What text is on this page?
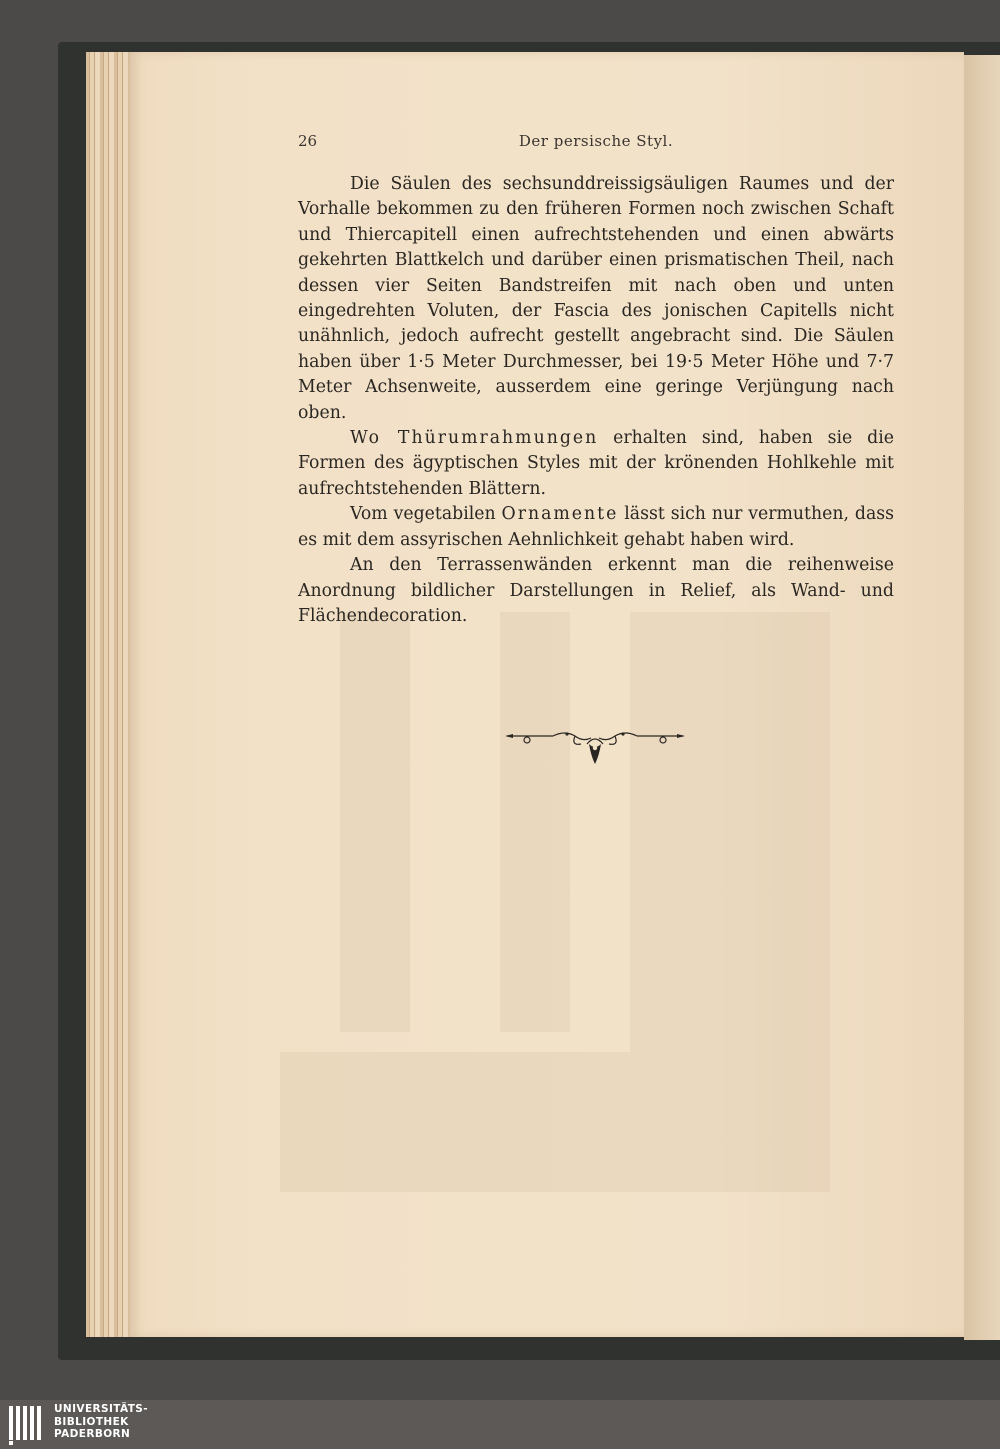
26	Der persische Styl.

Die Säulen des sechsunddreissigsäuligen Raumes und der Vorhalle bekommen zu den früheren Formen noch zwischen Schaft und Thiercapitell einen aufrechtstehenden und einen abwärts gekehrten Blattkelch und darüber einen prismatischen Theil, nach dessen vier Seiten Bandstreifen mit nach oben und unten eingedrehten Voluten, der Fascia des jonischen Capitells nicht unähnlich, jedoch aufrecht gestellt angebracht sind. Die Säulen haben über 1·5 Meter Durchmesser, bei 19·5 Meter Höhe und 7·7 Meter Achsenweite, ausserdem eine geringe Verjüngung nach oben.

Wo Thürumrahmungen erhalten sind, haben sie die Formen des ägyptischen Styles mit der krönenden Hohlkehle mit aufrechtstehenden Blättern.

Vom vegetabilen Ornamente lässt sich nur vermuthen, dass es mit dem assyrischen Aehnlichkeit gehabt haben wird.

An den Terrassenwänden erkennt man die reihenweise Anordnung bildlicher Darstellungen in Relief, als Wand- und Flächendecoration.

UNIVERSITÄTS-
BIBLIOTHEK
PADERBORN
